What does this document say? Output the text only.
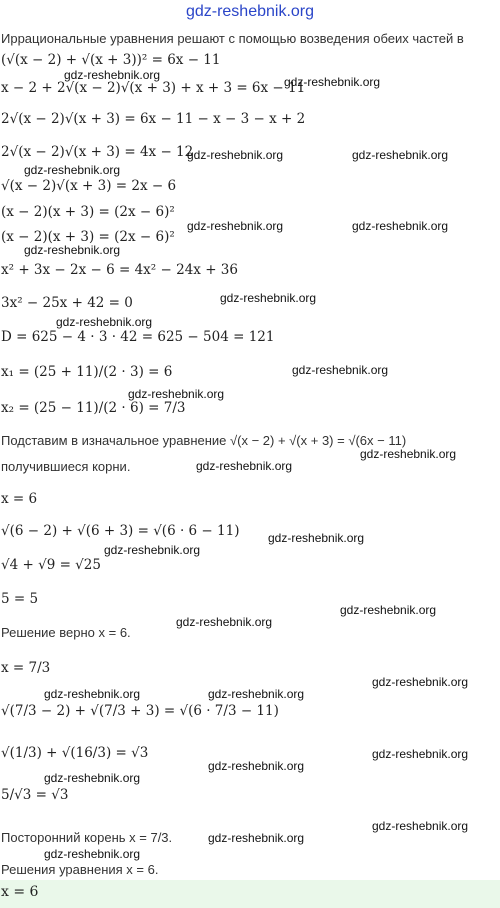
gdz-reshebnik.org
Иррациональные уравнения решают с помощью возведения обеих частей в
(√(x − 2) + √(x + 3))² = 6x − 11
x − 2 + 2√(x − 2)√(x + 3) + x + 3 = 6x − 11
2√(x − 2)√(x + 3) = 6x − 11 − x − 3 − x + 2
2√(x − 2)√(x + 3) = 4x − 12
√(x − 2)√(x + 3) = 2x − 6
(x − 2)(x + 3) = (2x − 6)²
(x − 2)(x + 3) = (2x − 6)²
x² + 3x − 2x − 6 = 4x² − 24x + 36
3x² − 25x + 42 = 0
D = 625 − 4 · 3 · 42 = 625 − 504 = 121
x₁ = (25 + 11)/(2 · 3) = 6
x₂ = (25 − 11)/(2 · 6) = 7/3
Подставим в изначальное уравнение √(x − 2) + √(x + 3) = √(6x − 11)
получившиеся корни.
x = 6
√(6 − 2) + √(6 + 3) = √(6 · 6 − 11)
√4 + √9 = √25
5 = 5
Решение верно x = 6.
x = 7/3
√(7/3 − 2) + √(7/3 + 3) = √(6 · 7/3 − 11)
√(1/3) + √(16/3) = √3
5/√3 = √3
Посторонний корень x = 7/3.
Решения уравнения x = 6.
x = 6
gdz-reshebnik.org	gdz-reshebnik.org
gdz-reshebnik.org	gdz-reshebnik.org
gdz-reshebnik.org
gdz-reshebnik.org	gdz-reshebnik.org
gdz-reshebnik.org
gdz-reshebnik.org
gdz-reshebnik.org
gdz-reshebnik.org
gdz-reshebnik.org
gdz-reshebnik.org
gdz-reshebnik.org
gdz-reshebnik.org
gdz-reshebnik.org
gdz-reshebnik.org
gdz-reshebnik.org
gdz-reshebnik.org
gdz-reshebnik.org	gdz-reshebnik.org
gdz-reshebnik.org
gdz-reshebnik.org
gdz-reshebnik.org
gdz-reshebnik.org
gdz-reshebnik.org
gdz-reshebnik.org
